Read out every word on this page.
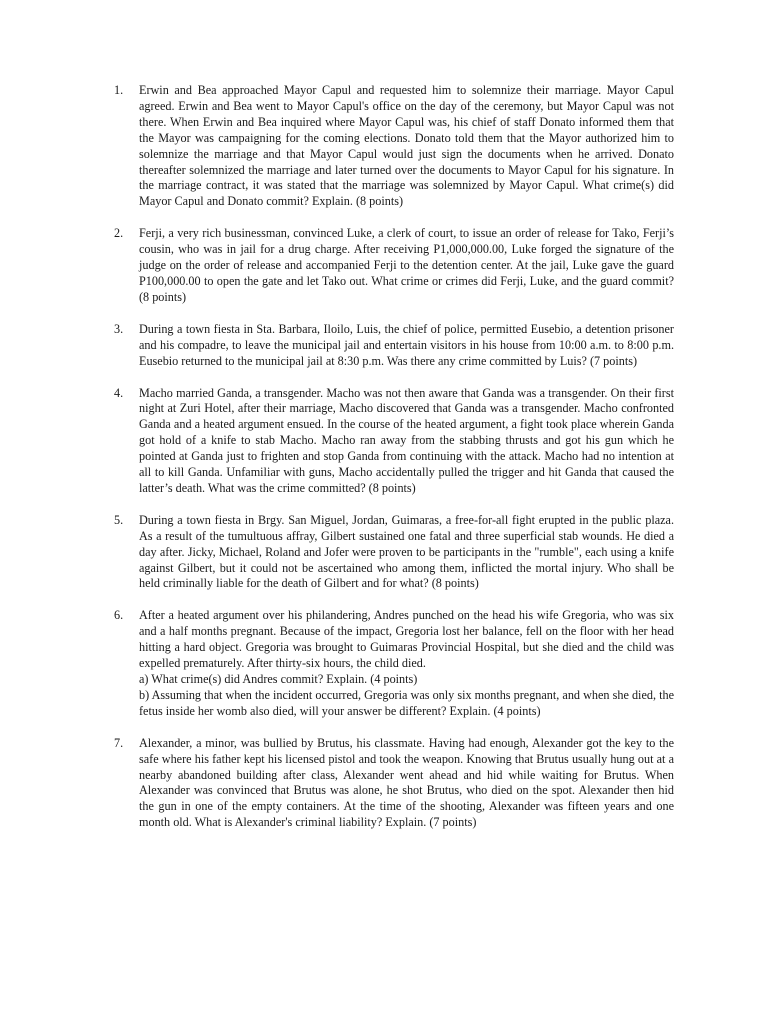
1. Erwin and Bea approached Mayor Capul and requested him to solemnize their marriage. Mayor Capul agreed. Erwin and Bea went to Mayor Capul's office on the day of the ceremony, but Mayor Capul was not there. When Erwin and Bea inquired where Mayor Capul was, his chief of staff Donato informed them that the Mayor was campaigning for the coming elections. Donato told them that the Mayor authorized him to solemnize the marriage and that Mayor Capul would just sign the documents when he arrived. Donato thereafter solemnized the marriage and later turned over the documents to Mayor Capul for his signature. In the marriage contract, it was stated that the marriage was solemnized by Mayor Capul. What crime(s) did Mayor Capul and Donato commit? Explain. (8 points)
2. Ferji, a very rich businessman, convinced Luke, a clerk of court, to issue an order of release for Tako, Ferji’s cousin, who was in jail for a drug charge. After receiving P1,000,000.00, Luke forged the signature of the judge on the order of release and accompanied Ferji to the detention center. At the jail, Luke gave the guard P100,000.00 to open the gate and let Tako out. What crime or crimes did Ferji, Luke, and the guard commit? (8 points)
3. During a town fiesta in Sta. Barbara, Iloilo, Luis, the chief of police, permitted Eusebio, a detention prisoner and his compadre, to leave the municipal jail and entertain visitors in his house from 10:00 a.m. to 8:00 p.m. Eusebio returned to the municipal jail at 8:30 p.m. Was there any crime committed by Luis? (7 points)
4. Macho married Ganda, a transgender. Macho was not then aware that Ganda was a transgender. On their first night at Zuri Hotel, after their marriage, Macho discovered that Ganda was a transgender. Macho confronted Ganda and a heated argument ensued. In the course of the heated argument, a fight took place wherein Ganda got hold of a knife to stab Macho. Macho ran away from the stabbing thrusts and got his gun which he pointed at Ganda just to frighten and stop Ganda from continuing with the attack. Macho had no intention at all to kill Ganda. Unfamiliar with guns, Macho accidentally pulled the trigger and hit Ganda that caused the latter’s death. What was the crime committed? (8 points)
5. During a town fiesta in Brgy. San Miguel, Jordan, Guimaras, a free-for-all fight erupted in the public plaza. As a result of the tumultuous affray, Gilbert sustained one fatal and three superficial stab wounds. He died a day after. Jicky, Michael, Roland and Jofer were proven to be participants in the "rumble", each using a knife against Gilbert, but it could not be ascertained who among them, inflicted the mortal injury. Who shall be held criminally liable for the death of Gilbert and for what? (8 points)
6. After a heated argument over his philandering, Andres punched on the head his wife Gregoria, who was six and a half months pregnant. Because of the impact, Gregoria lost her balance, fell on the floor with her head hitting a hard object. Gregoria was brought to Guimaras Provincial Hospital, but she died and the child was expelled prematurely. After thirty-six hours, the child died.
a) What crime(s) did Andres commit? Explain. (4 points)
b) Assuming that when the incident occurred, Gregoria was only six months pregnant, and when she died, the fetus inside her womb also died, will your answer be different? Explain. (4 points)
7. Alexander, a minor, was bullied by Brutus, his classmate. Having had enough, Alexander got the key to the safe where his father kept his licensed pistol and took the weapon. Knowing that Brutus usually hung out at a nearby abandoned building after class, Alexander went ahead and hid while waiting for Brutus. When Alexander was convinced that Brutus was alone, he shot Brutus, who died on the spot. Alexander then hid the gun in one of the empty containers. At the time of the shooting, Alexander was fifteen years and one month old. What is Alexander's criminal liability? Explain. (7 points)
